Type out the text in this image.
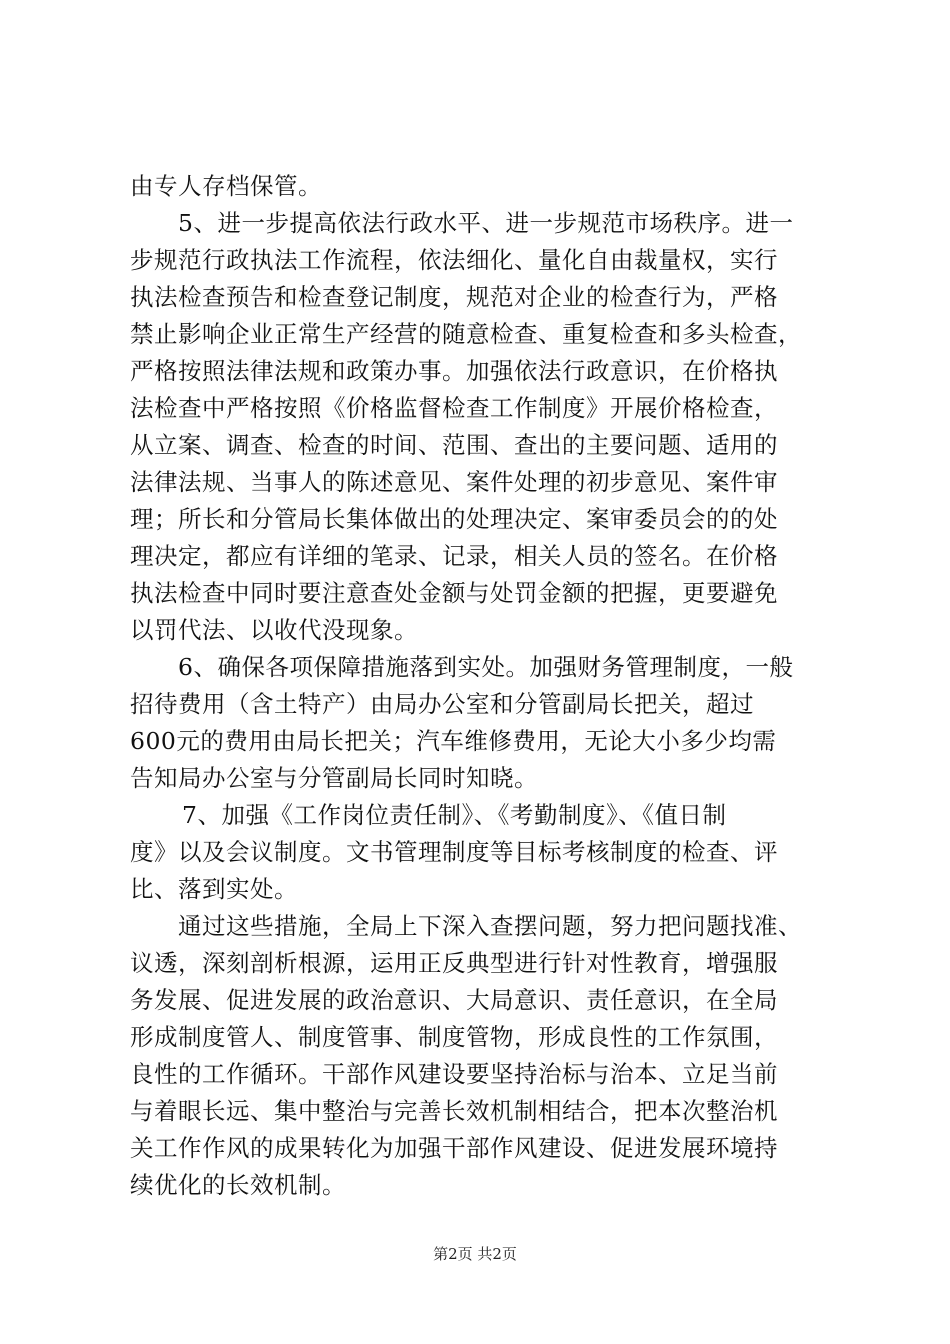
由专人存档保管。
5、进一步提高依法行政水平、进一步规范市场秩序。进一
步规范行政执法工作流程，依法细化、量化自由裁量权，实行
执法检查预告和检查登记制度，规范对企业的检查行为，严格
禁止影响企业正常生产经营的随意检查、重复检查和多头检查，
严格按照法律法规和政策办事。加强依法行政意识，在价格执
法检查中严格按照《价格监督检查工作制度》开展价格检查，
从立案、调查、检查的时间、范围、查出的主要问题、适用的
法律法规、当事人的陈述意见、案件处理的初步意见、案件审
理；所长和分管局长集体做出的处理决定、案审委员会的的处
理决定，都应有详细的笔录、记录，相关人员的签名。在价格
执法检查中同时要注意查处金额与处罚金额的把握，更要避免
以罚代法、以收代没现象。
6、确保各项保障措施落到实处。加强财务管理制度，一般
招待费用（含土特产）由局办公室和分管副局长把关，超过
600元的费用由局长把关；汽车维修费用，无论大小多少均需
告知局办公室与分管副局长同时知晓。
7、加强《工作岗位责任制》、《考勤制度》、《值日制
度》以及会议制度。文书管理制度等目标考核制度的检查、评
比、落到实处。
通过这些措施，全局上下深入查摆问题，努力把问题找准、
议透，深刻剖析根源，运用正反典型进行针对性教育，增强服
务发展、促进发展的政治意识、大局意识、责任意识，在全局
形成制度管人、制度管事、制度管物，形成良性的工作氛围，
良性的工作循环。干部作风建设要坚持治标与治本、立足当前
与着眼长远、集中整治与完善长效机制相结合，把本次整治机
关工作作风的成果转化为加强干部作风建设、促进发展环境持
续优化的长效机制。
第2页 共2页
